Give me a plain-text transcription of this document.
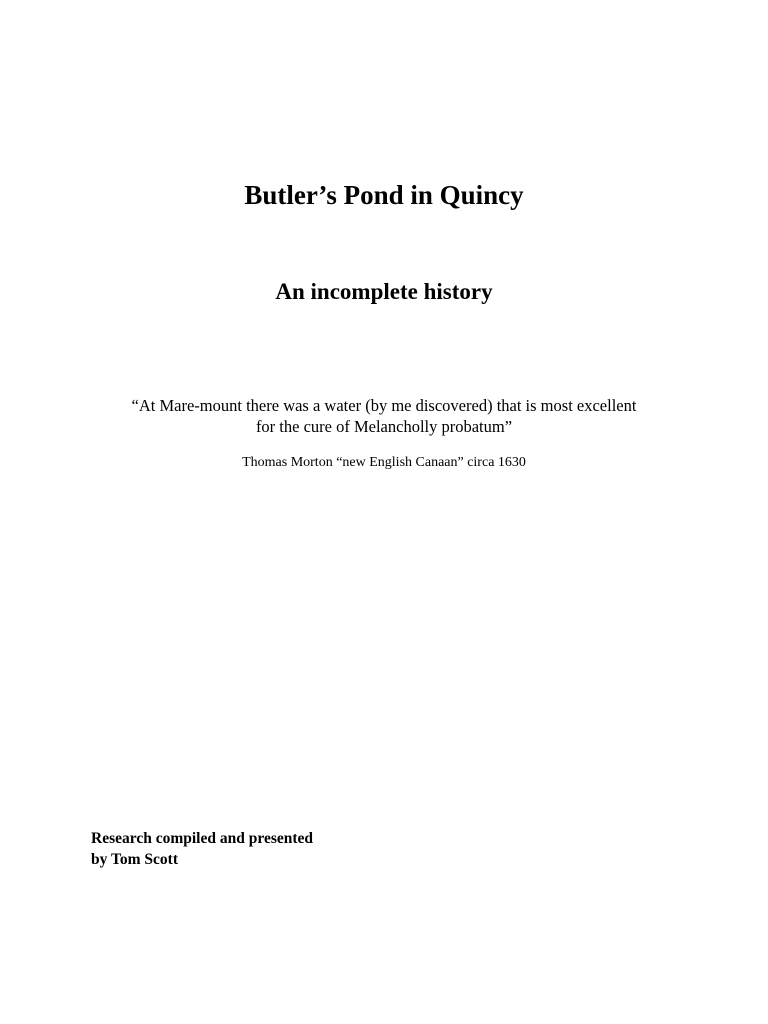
Butler’s Pond in Quincy
An incomplete history
“At Mare-mount there was a water (by me discovered) that is most excellent
for the cure of Melancholly probatum”
Thomas Morton “new English Canaan” circa 1630
Research compiled and presented
by Tom Scott
